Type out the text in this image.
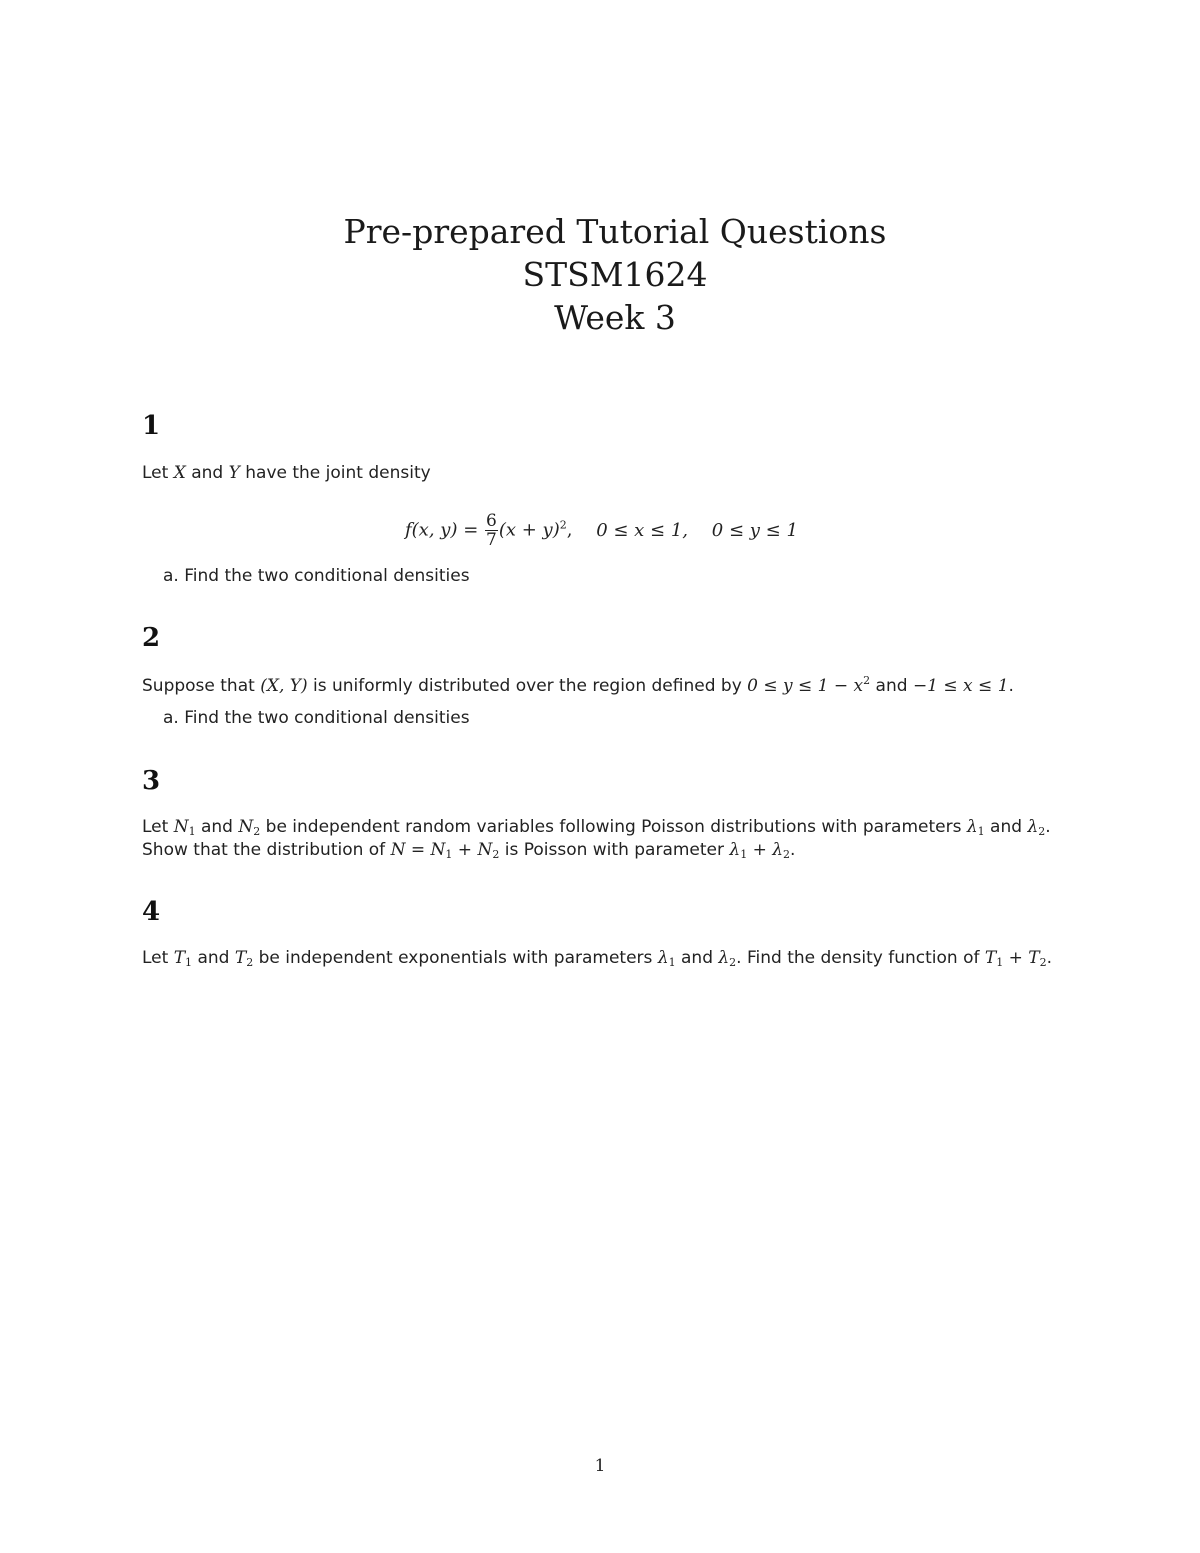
Pre-prepared Tutorial Questions
STSM1624
Week 3
1
Let X and Y have the joint density
f(x, $y) = \frac{6}{7} (x + y)^2$, 0 ≤ x ≤ 1, 0 ≤ y ≤ 1
a. Find the two conditional densities
2
Suppose that (X, Y) is uniformly distributed over the region defined by $0 \le y \le 1 - x^2$ and −1 ≤ x ≤ 1.
a. Find the two conditional densities
3
Let $N_1$ and $N_2$ be independent random variables following Poisson distributions with parameters $\lambda_1$ and $\lambda_2$.
Show that the distribution of $N = N_1 + N_2$ is Poisson with parameter $\lambda_1 + \lambda_2$.
4
Let $T_1$ and $T_2$ be independent exponentials with parameters $\lambda_1$ and $\lambda_2$. Find the density function of $T_1 + T_2$.
1
